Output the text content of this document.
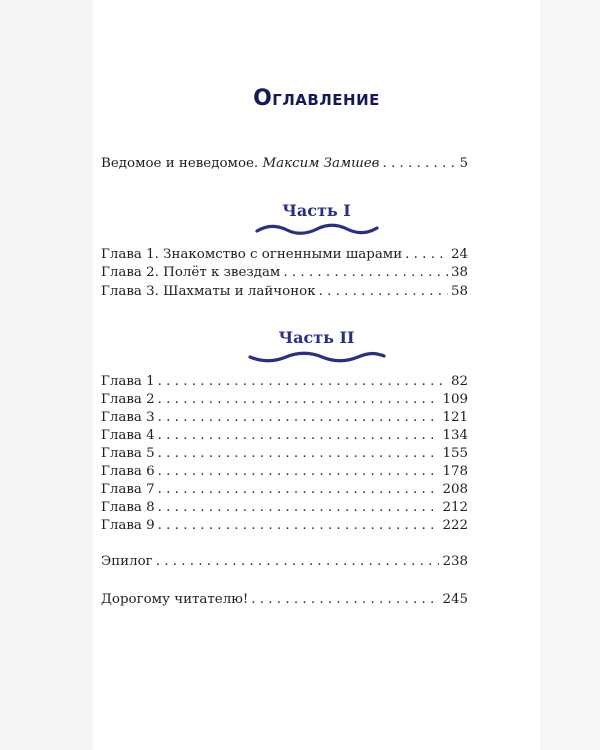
Оглавление
Ведомое и неведомое. Максим Замшев . . .	5
Часть I
Глава 1. Знакомство с огненными шарами . . .	24
Глава 2. Полёт к звездам . . .	38
Глава 3. Шахматы и лайчонок . . .	58
Часть II
Глава 1 . . .	82
Глава 2 . . .	109
Глава 3 . . .	121
Глава 4 . . .	134
Глава 5 . . .	155
Глава 6 . . .	178
Глава 7 . . .	208
Глава 8 . . .	212
Глава 9 . . .	222
Эпилог . . .	238
Дорогому читателю! . . .	245
